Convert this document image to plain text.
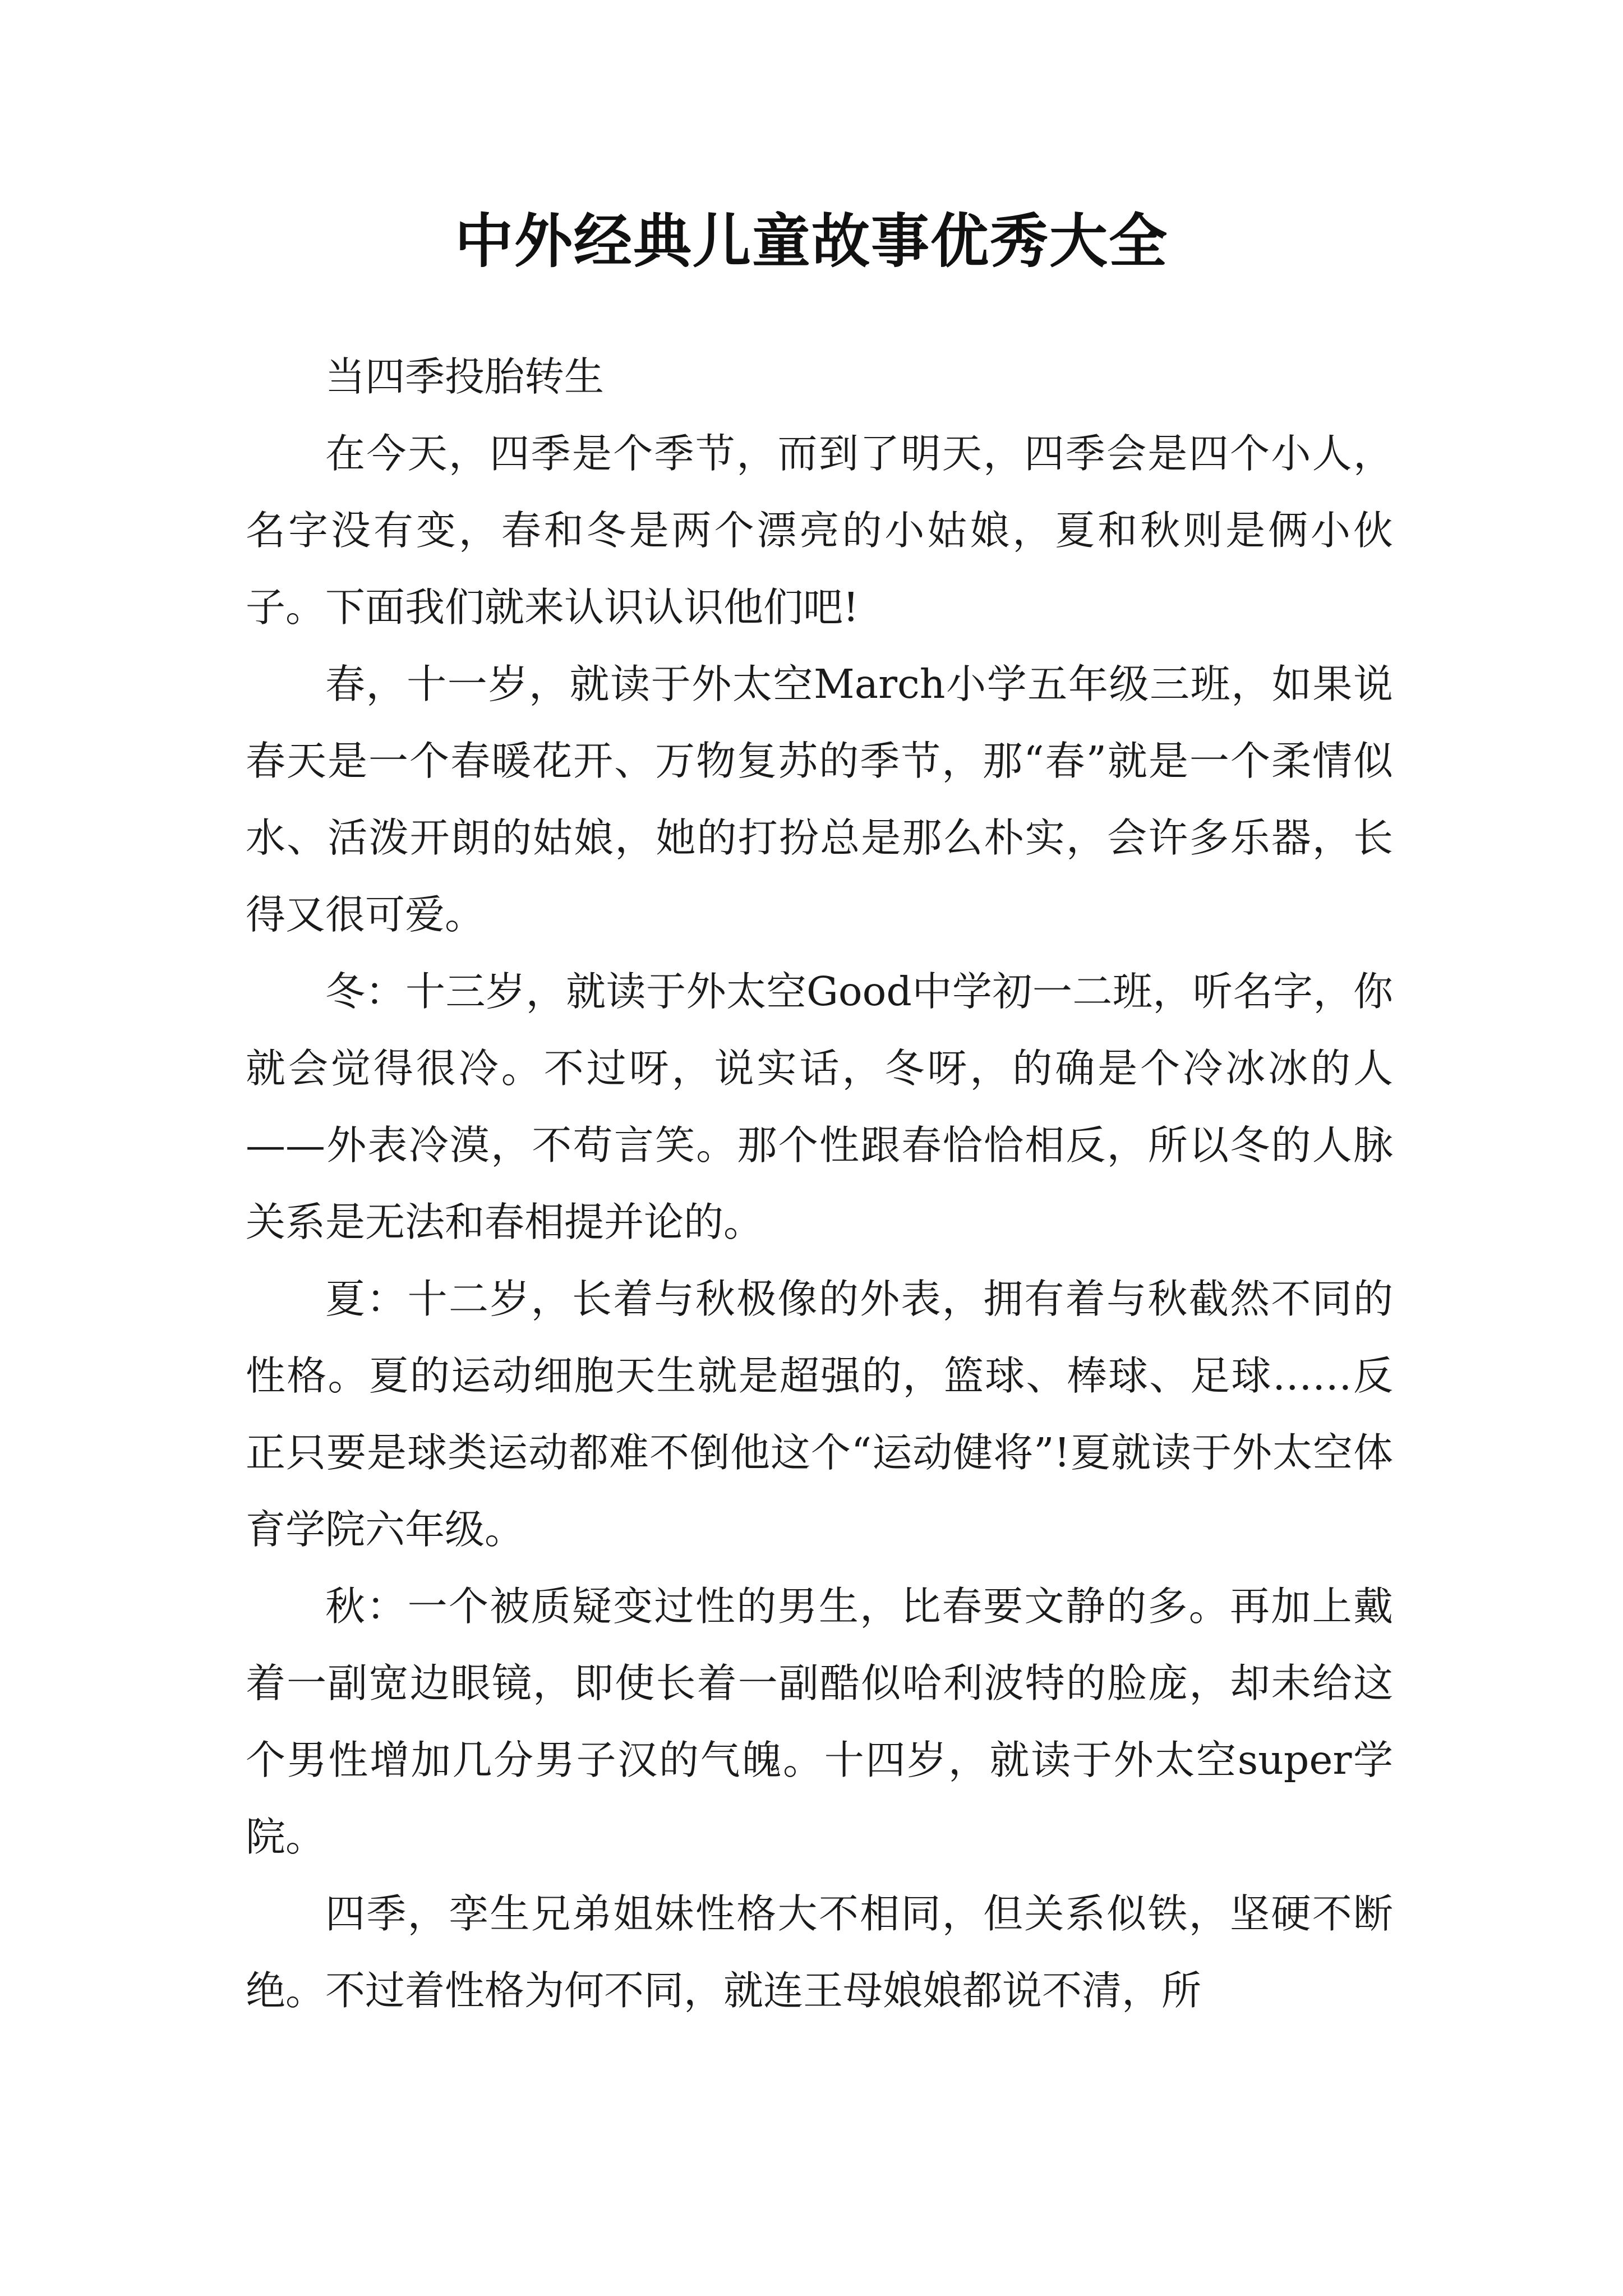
中外经典儿童故事优秀大全

当四季投胎转生

在今天，四季是个季节，而到了明天，四季会是四个小人，名字没有变，春和冬是两个漂亮的小姑娘，夏和秋则是俩小伙子。下面我们就来认识认识他们吧!

春，十一岁，就读于外太空March小学五年级三班，如果说春天是一个春暖花开、万物复苏的季节，那“春”就是一个柔情似水、活泼开朗的姑娘，她的打扮总是那么朴实，会许多乐器，长得又很可爱。

冬：十三岁，就读于外太空Good中学初一二班，听名字，你就会觉得很冷。不过呀，说实话，冬呀，的确是个冷冰冰的人——外表冷漠，不苟言笑。那个性跟春恰恰相反，所以冬的人脉关系是无法和春相提并论的。

夏：十二岁，长着与秋极像的外表，拥有着与秋截然不同的性格。夏的运动细胞天生就是超强的，篮球、棒球、足球……反正只要是球类运动都难不倒他这个“运动健将”!夏就读于外太空体育学院六年级。

秋：一个被质疑变过性的男生，比春要文静的多。再加上戴着一副宽边眼镜，即使长着一副酷似哈利波特的脸庞，却未给这个男性增加几分男子汉的气魄。十四岁，就读于外太空super学院。

四季，孪生兄弟姐妹性格大不相同，但关系似铁，坚硬不断绝。不过着性格为何不同，就连王母娘娘都说不清，所
